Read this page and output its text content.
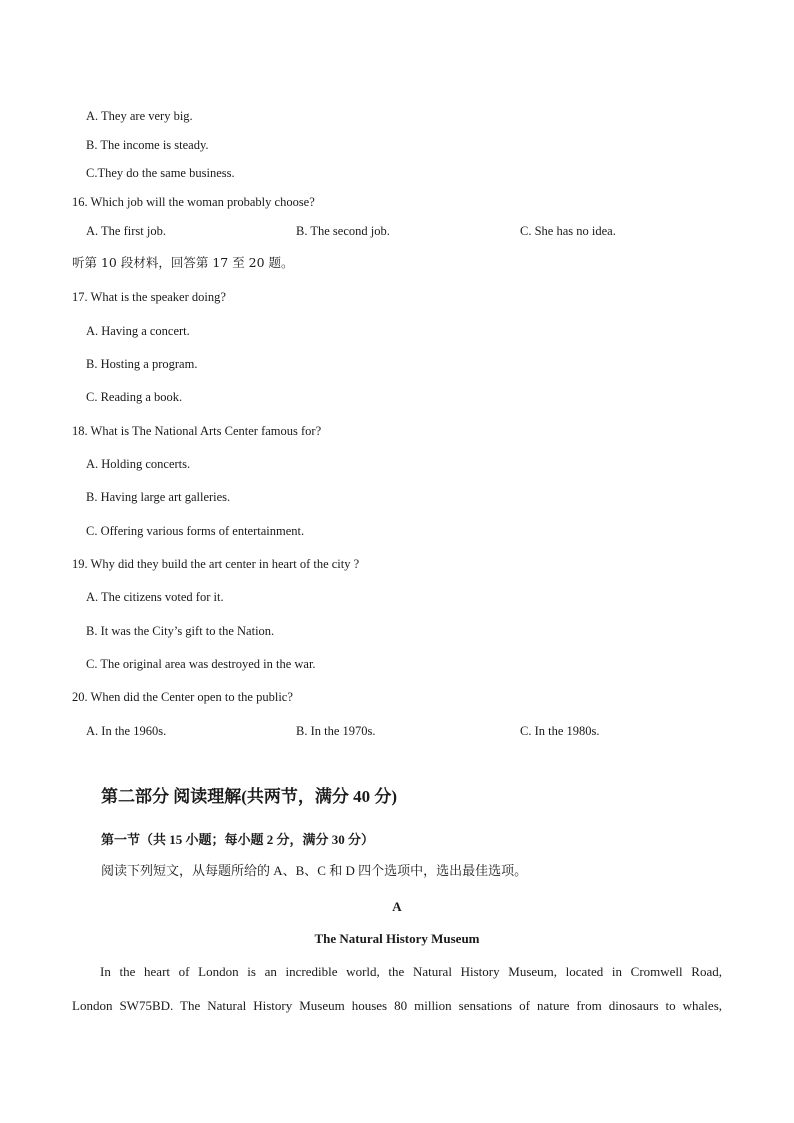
A. They are very big.
B. The income is steady.
C.They do the same business.
16. Which job will the woman probably choose?
A. The first job.	B. The second job.	C. She has no idea.
听第 10 段材料，回答第 17 至 20 题。
17. What is the speaker doing?
A. Having a concert.
B. Hosting a program.
C. Reading a book.
18. What is The National Arts Center famous for?
A. Holding concerts.
B. Having large art galleries.
C. Offering various forms of entertainment.
19. Why did they build the art center in heart of the city ?
A. The citizens voted for it.
B. It was the City’s gift to the Nation.
C. The original area was destroyed in the war.
20. When did the Center open to the public?
A. In the 1960s.	B. In the 1970s.	C. In the 1980s.
第二部分 阅读理解(共两节，满分 40 分)
第一节（共 15 小题；每小题 2 分，满分 30 分）
阅读下列短文，从每题所给的 A、B、C 和 D 四个选项中，选出最佳选项。
A
The Natural History Museum
In the heart of London is an incredible world, the Natural History Museum, located in Cromwell Road,
London SW75BD. The Natural History Museum houses 80 million sensations of nature from dinosaurs to whales,
